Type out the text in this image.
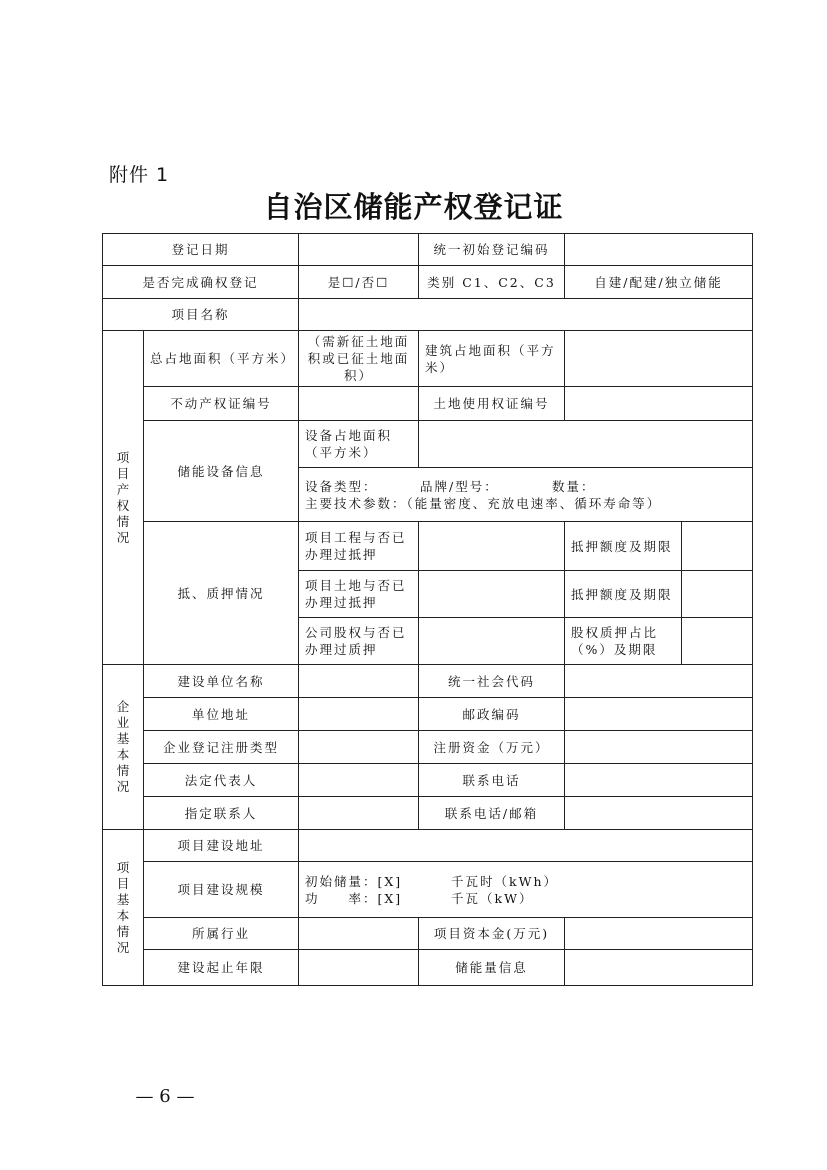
附件 1
自治区储能产权登记证
登记日期			统一初始登记编码		
是否完成确权登记		是☐/否☐	类别 C1、C2、C3	自建/配建/独立储能	
项目名称					
项目产权情况	总占地面积（平方米）	（需新征土地面积或已征土地面积）	建筑占地面积（平方米）		
	不动产权证编号		土地使用权证编号		
	储能设备信息	设备占地面积（平方米）			

		设备类型： 品牌/型号： 数量：
主要技术参数：（能量密度、充放电速率、循环寿命等）			

	抵、质押情况	项目工程与否已办理过抵押		抵押额度及期限	
		项目土地与否已办理过抵押		抵押额度及期限	
		公司股权与否已办理过质押		股权质押占比（%）及期限	
企业基本情况	建设单位名称		统一社会代码		
	单位地址		邮政编码		
	企业登记注册类型		注册资金（万元）		
	法定代表人		联系电话		
	指定联系人		联系电话/邮箱		
项目基本情况	项目建设地址				
	项目建设规模	初始储量：[X] 千瓦时（kWh）
功　　率：[X] 千瓦（kW）			

	所属行业		项目资本金(万元)		
	建设起止年限		储能量信息		
— 6 —
